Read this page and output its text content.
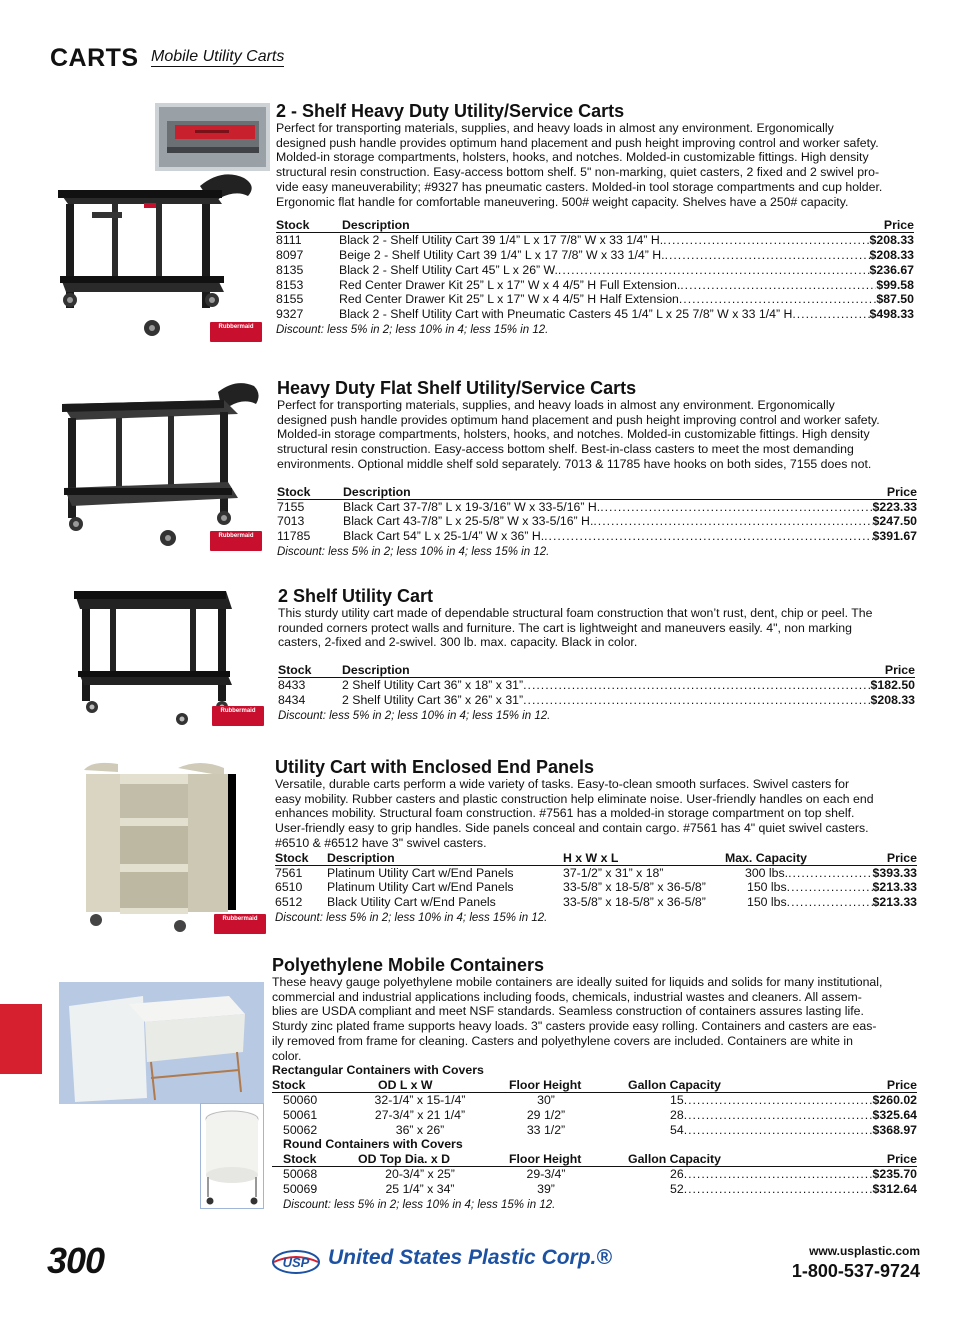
CARTS Mobile Utility Carts
Rubbermaid
2 - Shelf Heavy Duty Utility/Service Carts
Perfect for transporting materials, supplies, and heavy loads in almost any environment. Ergonomically
designed push handle provides optimum hand placement and push height improving control and worker safety.
Molded-in storage compartments, holsters, hooks, and notches. Molded-in customizable fittings. High density
structural resin construction. Easy-access bottom shelf. 5" non-marking, quiet casters, 2 fixed and 2 swivel pro-
vide easy maneuverability; #9327 has pneumatic casters. Molded-in tool storage compartments and cup holder.
Ergonomic flat handle for comfortable maneuvering. 500# weight capacity. Shelves have a 250# capacity.
Stock	Description	Price
8111	Black 2 - Shelf Utility Cart 39 1/4” L x 17 7/8” W x 33 1/4” H. .....	$208.33
8097	Beige 2 - Shelf Utility Cart 39 1/4” L x 17 7/8” W x 33 1/4” H. .....	$208.33
8135	Black 2 - Shelf Utility Cart 45” L x 26” W. .....	$236.67
8153	Red Center Drawer Kit 25” L x 17” W x 4 4/5” H Full Extension. .....	$99.58
8155	Red Center Drawer Kit 25” L x 17” W x 4 4/5” H Half Extension .....	$87.50
9327	Black 2 - Shelf Utility Cart with Pneumatic Casters 45 1/4” L x 25 7/8” W x 33 1/4” H .....	$498.33
Discount: less 5% in 2; less 10% in 4; less 15% in 12.
Rubbermaid
Heavy Duty Flat Shelf Utility/Service Carts
Perfect for transporting materials, supplies, and heavy loads in almost any environment. Ergonomically
designed push handle provides optimum hand placement and push height improving control and worker safety.
Molded-in storage compartments, holsters, hooks, and notches. Molded-in customizable fittings. High density
structural resin construction. Easy-access bottom shelf. Best-in-class casters to meet the most demanding
environments. Optional middle shelf sold separately. 7013 & 11785 have hooks on both sides, 7155 does not.
Stock	Description	Price
7155	Black Cart 37-7/8” L x 19-3/16” W x 33-5/16” H. .....	$223.33
7013	Black Cart 43-7/8” L x 25-5/8” W x 33-5/16” H. .....	$247.50
11785	Black Cart 54” L x 25-1/4” W x 36” H. .....	$391.67
Discount: less 5% in 2; less 10% in 4; less 15% in 12.
Rubbermaid
2 Shelf Utility Cart
This sturdy utility cart made of dependable structural foam construction that won’t rust, dent, chip or peel. The
rounded corners protect walls and furniture. The cart is lightweight and maneuvers easily. 4", non marking
casters, 2-fixed and 2-swivel. 300 lb. max. capacity. Black in color.
Stock Description	Price
8433	2 Shelf Utility Cart 36” x 18” x 31” .....	$182.50
8434	2 Shelf Utility Cart 36” x 26” x 31” .....	$208.33
Discount: less 5% in 2; less 10% in 4; less 15% in 12.
Rubbermaid
Utility Cart with Enclosed End Panels
Versatile, durable carts perform a wide variety of tasks. Easy-to-clean smooth surfaces. Swivel casters for
easy mobility. Rubber casters and plastic construction help eliminate noise. User-friendly handles on each end
enhances mobility. Structural foam construction. #7561 has a molded-in storage compartment on top shelf.
User-friendly easy to grip handles. Side panels conceal and contain cargo. #7561 has 4" quiet swivel casters.
#6510 & #6512 have 3" swivel casters.
Stock Description	H x W x L	Max. Capacity	Price
7561 Platinum Utility Cart w/End Panels	37-1/2” x 31” x 18”	300 lbs. .....	$393.33
6510 Platinum Utility Cart w/End Panels	33-5/8” x 18-5/8” x 36-5/8”	150 lbs .....	$213.33
6512 Black Utility Cart w/End Panels	33-5/8” x 18-5/8” x 36-5/8”	150 lbs .....	$213.33
Discount: less 5% in 2; less 10% in 4; less 15% in 12.
Polyethylene Mobile Containers
These heavy gauge polyethylene mobile containers are ideally suited for liquids and solids for many institutional,
commercial and industrial applications including foods, chemicals, industrial wastes and cleaners. All assem-
blies are USDA compliant and meet NSF standards. Seamless construction of containers assures lasting life.
Sturdy zinc plated frame supports heavy loads. 3" casters provide easy rolling. Containers and casters are eas-
ily removed from frame for cleaning. Casters and polyethylene covers are included. Containers are white in
color.
Rectangular Containers with Covers
Stock	OD L x W	Floor Height	Gallon Capacity	Price
50060	32-1/4” x 15-1/4”	30”	15 .....	$260.02
50061	27-3/4” x 21 1/4”	29 1/2”	28 .....	$325.64
50062	36” x 26”	33 1/2”	54 .....	$368.97
Round Containers with Covers
Stock	OD Top Dia. x D	Floor Height	Gallon Capacity	Price
50068	20-3/4” x 25”	29-3/4”	26 .....	$235.70
50069	25 1/4” x 34”	39”	52 .....	$312.64
Discount: less 5% in 2; less 10% in 4; less 15% in 12.
300	USP United States Plastic Corp.®	www.usplastic.com
1-800-537-9724
